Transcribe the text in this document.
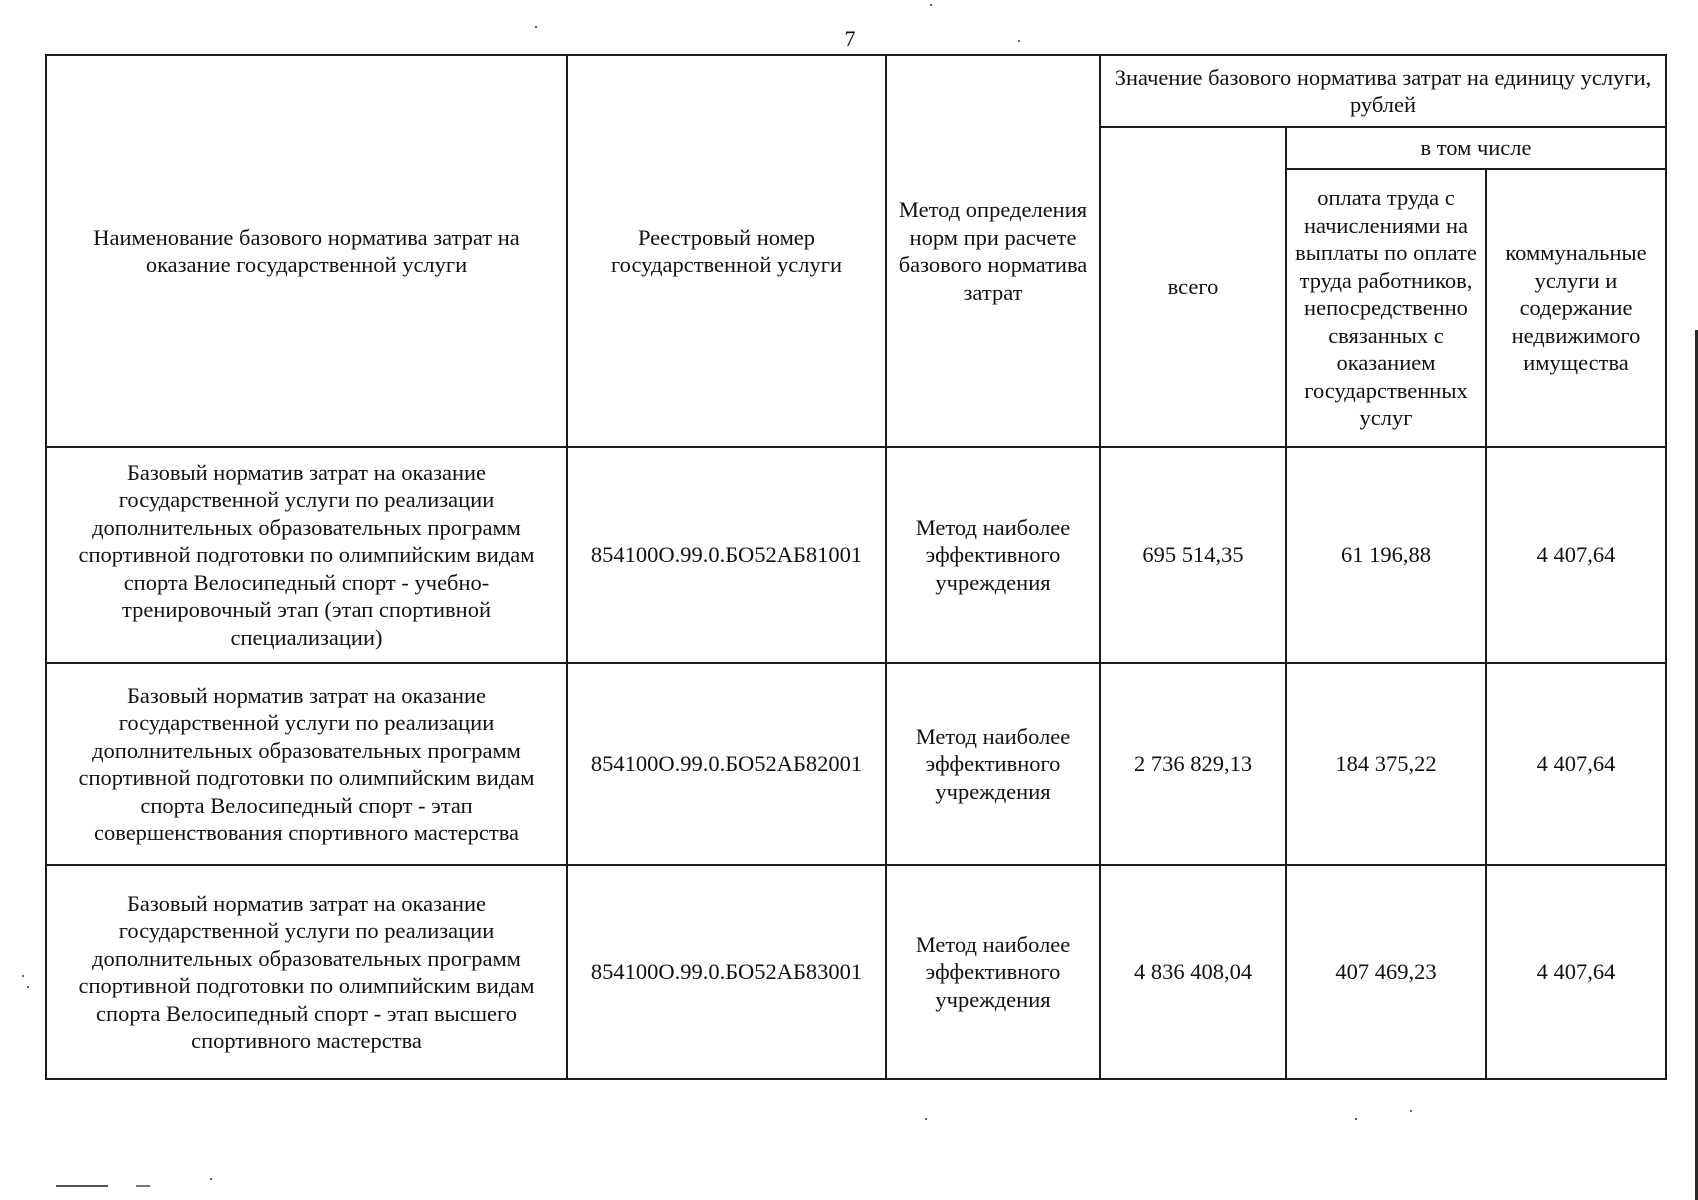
7
Наименование базового норматива затрат на оказание государственной услуги	Реестровый номер государственной услуги	Метод определения норм при расчете базового норматива затрат	Значение базового норматива затрат на единицу услуги, рублей		
			всего	в том числе	
				оплата труда с начислениями на выплаты по оплате труда работников, непосредственно связанных с оказанием государственных услуг	коммунальные услуги и содержание недвижимого имущества
Базовый норматив затрат на оказание государственной услуги по реализации дополнительных образовательных программ спортивной подготовки по олимпийским видам спорта Велосипедный спорт - учебно-тренировочный этап (этап спортивной специализации)	854100О.99.0.БО52АБ81001	Метод наиболее эффективного учреждения	695 514,35	61 196,88	4 407,64
Базовый норматив затрат на оказание государственной услуги по реализации дополнительных образовательных программ спортивной подготовки по олимпийским видам спорта Велосипедный спорт - этап совершенствования спортивного мастерства	854100О.99.0.БО52АБ82001	Метод наиболее эффективного учреждения	2 736 829,13	184 375,22	4 407,64
Базовый норматив затрат на оказание государственной услуги по реализации дополнительных образовательных программ спортивной подготовки по олимпийским видам спорта Велосипедный спорт - этап высшего спортивного мастерства	854100О.99.0.БО52АБ83001	Метод наиболее эффективного учреждения	4 836 408,04	407 469,23	4 407,64
